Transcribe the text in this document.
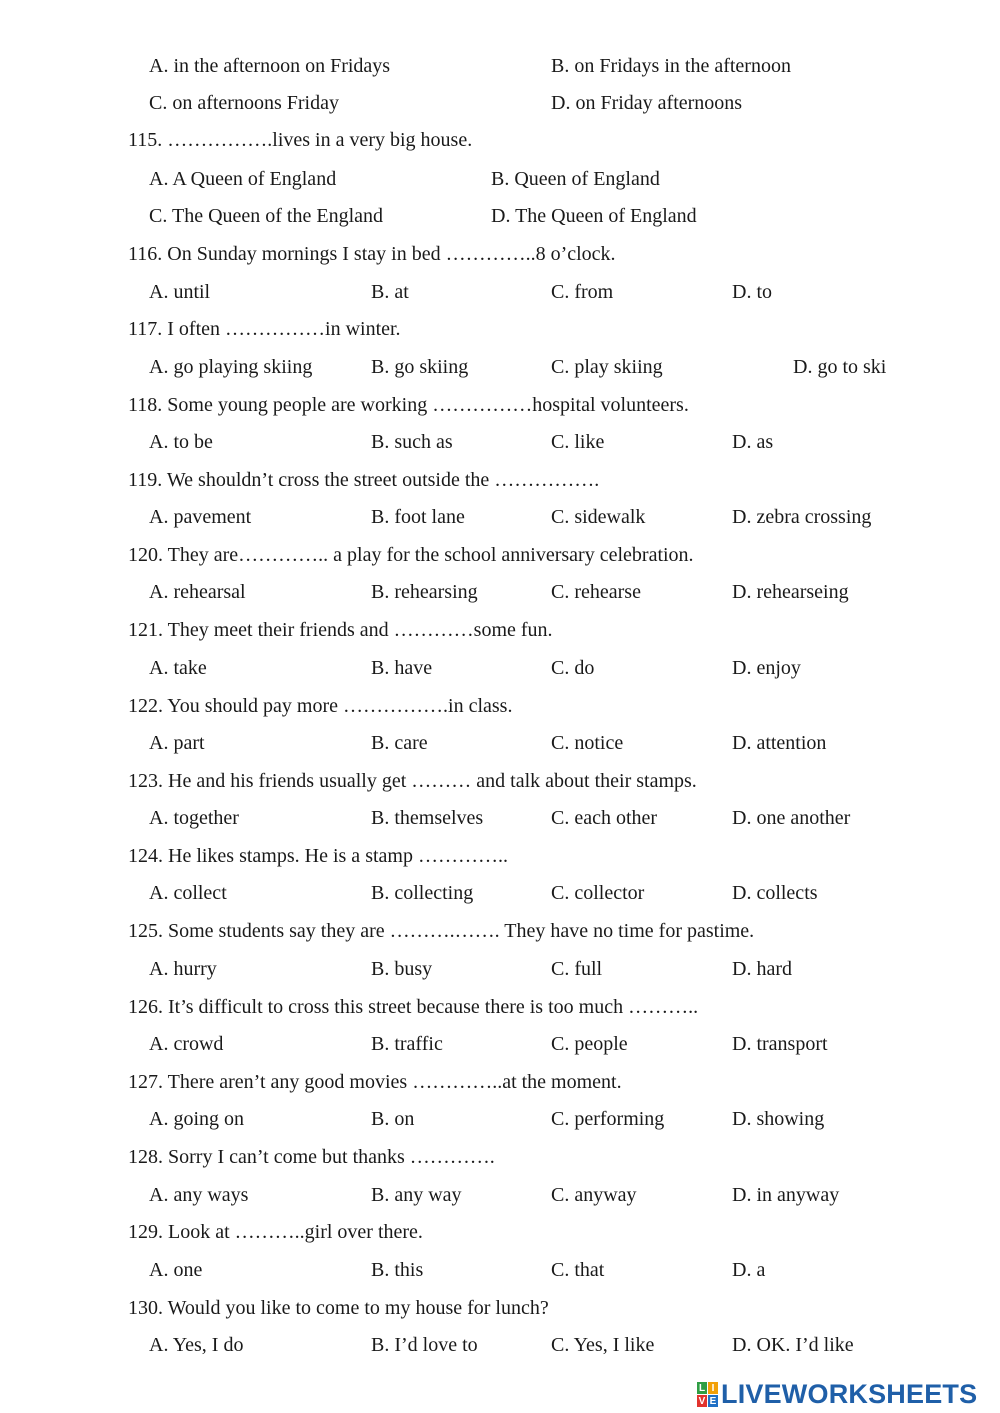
A. in the afternoon on Fridays	B. on Fridays in the afternoon
C. on afternoons Friday	D. on Friday afternoons
115. …………….lives in a very big house.
A. A Queen of England	B. Queen of England
C. The Queen of the England	D. The Queen of England
116. On Sunday mornings I stay in bed …………..8 o’clock.
A. until	B. at	C. from	D. to
117. I often ……………in winter.
A. go playing skiing	B. go skiing	C. play skiing	D. go to ski
118. Some young people are working ……………hospital volunteers.
A. to be	B. such as	C. like	D. as
119. We shouldn’t cross the street outside the …………….
A. pavement	B. foot lane	C. sidewalk	D. zebra crossing
120. They are………….. a play for the school anniversary celebration.
A. rehearsal	B. rehearsing	C. rehearse	D. rehearseing
121. They meet their friends and …………some fun.
A. take	B. have	C. do	D. enjoy
122. You should pay more …………….in class.
A. part	B. care	C. notice	D. attention
123. He and his friends usually get ……… and talk about their stamps.
A. together	B. themselves	C. each other	D. one another
124. He likes stamps. He is a stamp …………..
A. collect	B. collecting	C. collector	D. collects
125. Some students say they are ……….……. They have no time for pastime.
A. hurry	B. busy	C. full	D. hard
126. It’s difficult to cross this street because there is too much ………..
A. crowd	B. traffic	C. people	D. transport
127. There aren’t any good movies …………..at the moment.
A. going on	B. on	C. performing	D. showing
128. Sorry I can’t come but thanks ………….
A. any ways	B. any way	C. anyway	D. in anyway
129. Look at ………..girl over there.
A. one	B. this	C. that	D. a
130. Would you like to come to my house for lunch?
A. Yes, I do	B. I’d love to	C. Yes, I like	D. OK. I’d like
L I
V E LIVEWORKSHEETS
